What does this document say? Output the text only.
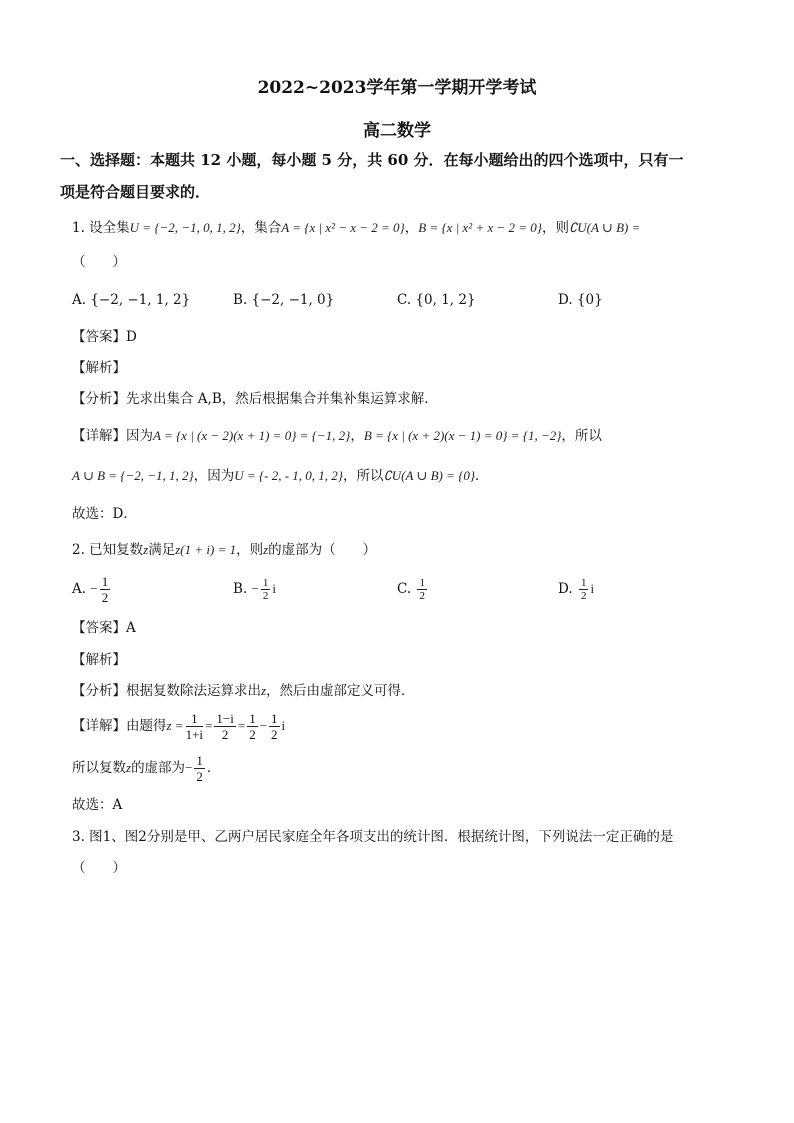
2022~2023学年第一学期开学考试
高二数学
一、选择题：本题共 12 小题，每小题 5 分，共 60 分．在每小题给出的四个选项中，只有一
项是符合题目要求的．
1. 设全集U = {−2, −1, 0, 1, 2}，集合A = {x | x² − x − 2 = 0}，B = {x | x² + x − 2 = 0}，则∁U(A ∪ B) =
（　　）
A. {−2, −1, 1, 2}	B. {−2, −1, 0}	C. {0, 1, 2}	D. {0}
【答案】D
【解析】
【分析】先求出集合 A,B，然后根据集合并集补集运算求解．
【详解】因为A = {x | (x − 2)(x + 1) = 0} = {−1, 2}，B = {x | (x + 2)(x − 1) = 0} = {1, −2}，所以
A ∪ B = {−2, −1, 1, 2}，因为U = {- 2, - 1, 0, 1, 2}，所以∁U(A ∪ B) = {0}．
故选：D．
2. 已知复数z满足z(1 + i) = 1，则z的虚部为（　　）
A. − $\frac{1}{2}$	B. − $\frac{1}{2}$ i	C. $\frac{1}{2}$	D. $\frac{1}{2}$ i
【答案】A
【解析】
【分析】根据复数除法运算求出z，然后由虚部定义可得．
【详解】由题得$z = \frac{1}{1+i} = \frac{1-i}{2} = \frac{1}{2} - \frac{1}{2}$ i
所以复数z的虚部为− $\frac{1}{2}$ ．
故选：A
3. 图1、图2分别是甲、乙两户居民家庭全年各项支出的统计图．根据统计图，下列说法一定正确的是
（　　）
